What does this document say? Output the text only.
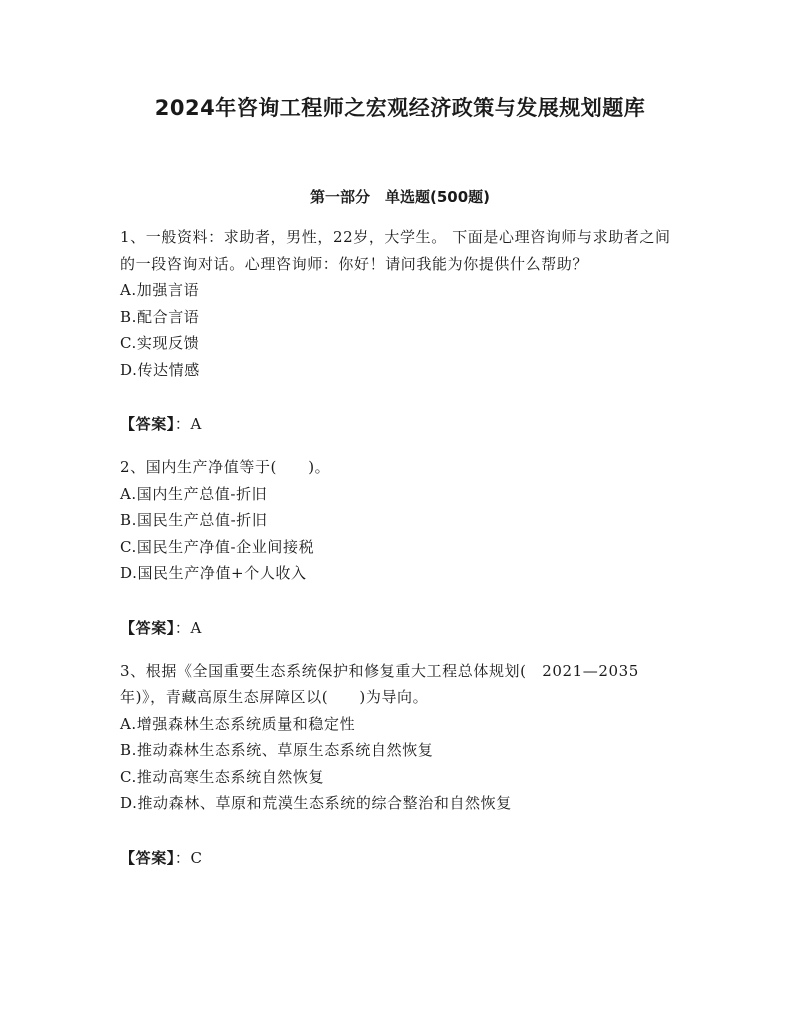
2024年咨询工程师之宏观经济政策与发展规划题库
第一部分　单选题(500题)

1、一般资料：求助者，男性，22岁，大学生。 下面是心理咨询师与求助者之间的一段咨询对话。心理咨询师：你好！请问我能为你提供什么帮助？

A.加强言语
B.配合言语
C.实现反馈
D.传达情感

【答案】：A

2、国内生产净值等于(　　)。

A.国内生产总值-折旧
B.国民生产总值-折旧
C.国民生产净值-企业间接税
D.国民生产净值+个人收入

【答案】：A

3、根据《全国重要生态系统保护和修复重大工程总体规划(　2021—2035年)》，青藏高原生态屏障区以(　　)为导向。

A.增强森林生态系统质量和稳定性
B.推动森林生态系统、草原生态系统自然恢复
C.推动高寒生态系统自然恢复
D.推动森林、草原和荒漠生态系统的综合整治和自然恢复

【答案】：C
